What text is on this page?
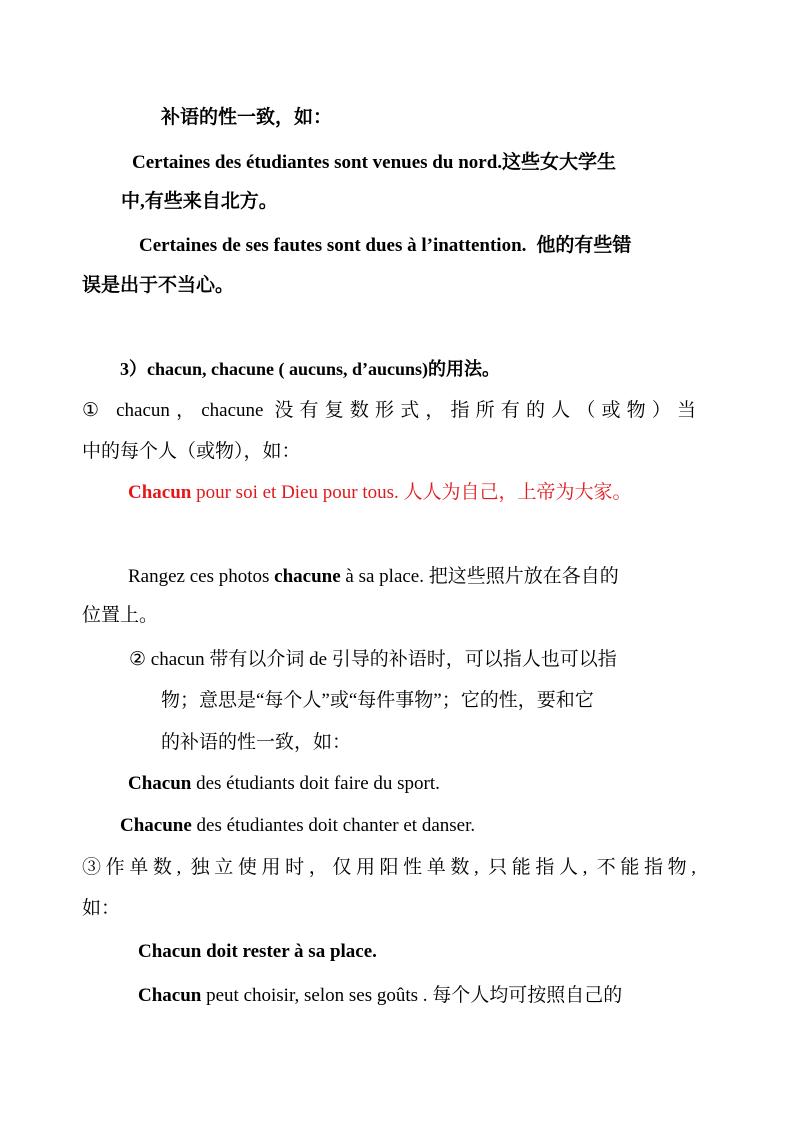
补语的性一致，如：
Certaines des étudiantes sont venues du nord.这些女大学生
中,有些来自北方。
Certaines de ses fautes sont dues à l’inattention. 他的有些错
误是出于不当心。
3）chacun, chacune ( aucuns, d’aucuns)的用法。
① chacun，chacune 没有复数形式，指所有的人（或物）当
中的每个人（或物），如：
Chacun pour soi et Dieu pour tous. 人人为自己，上帝为大家。
Rangez ces photos chacune à sa place. 把这些照片放在各自的
位置上。
② chacun 带有以介词 de 引导的补语时，可以指人也可以指
物；意思是“每个人”或“每件事物”；它的性，要和它
的补语的性一致，如：
Chacun des étudiants doit faire du sport.
Chacune des étudiantes doit chanter et danser.
③作单数, 独立使用时，仅用阳性单数, 只能指人, 不能指物,
如：
Chacun doit rester à sa place.
Chacun peut choisir, selon ses goûts . 每个人均可按照自己的
